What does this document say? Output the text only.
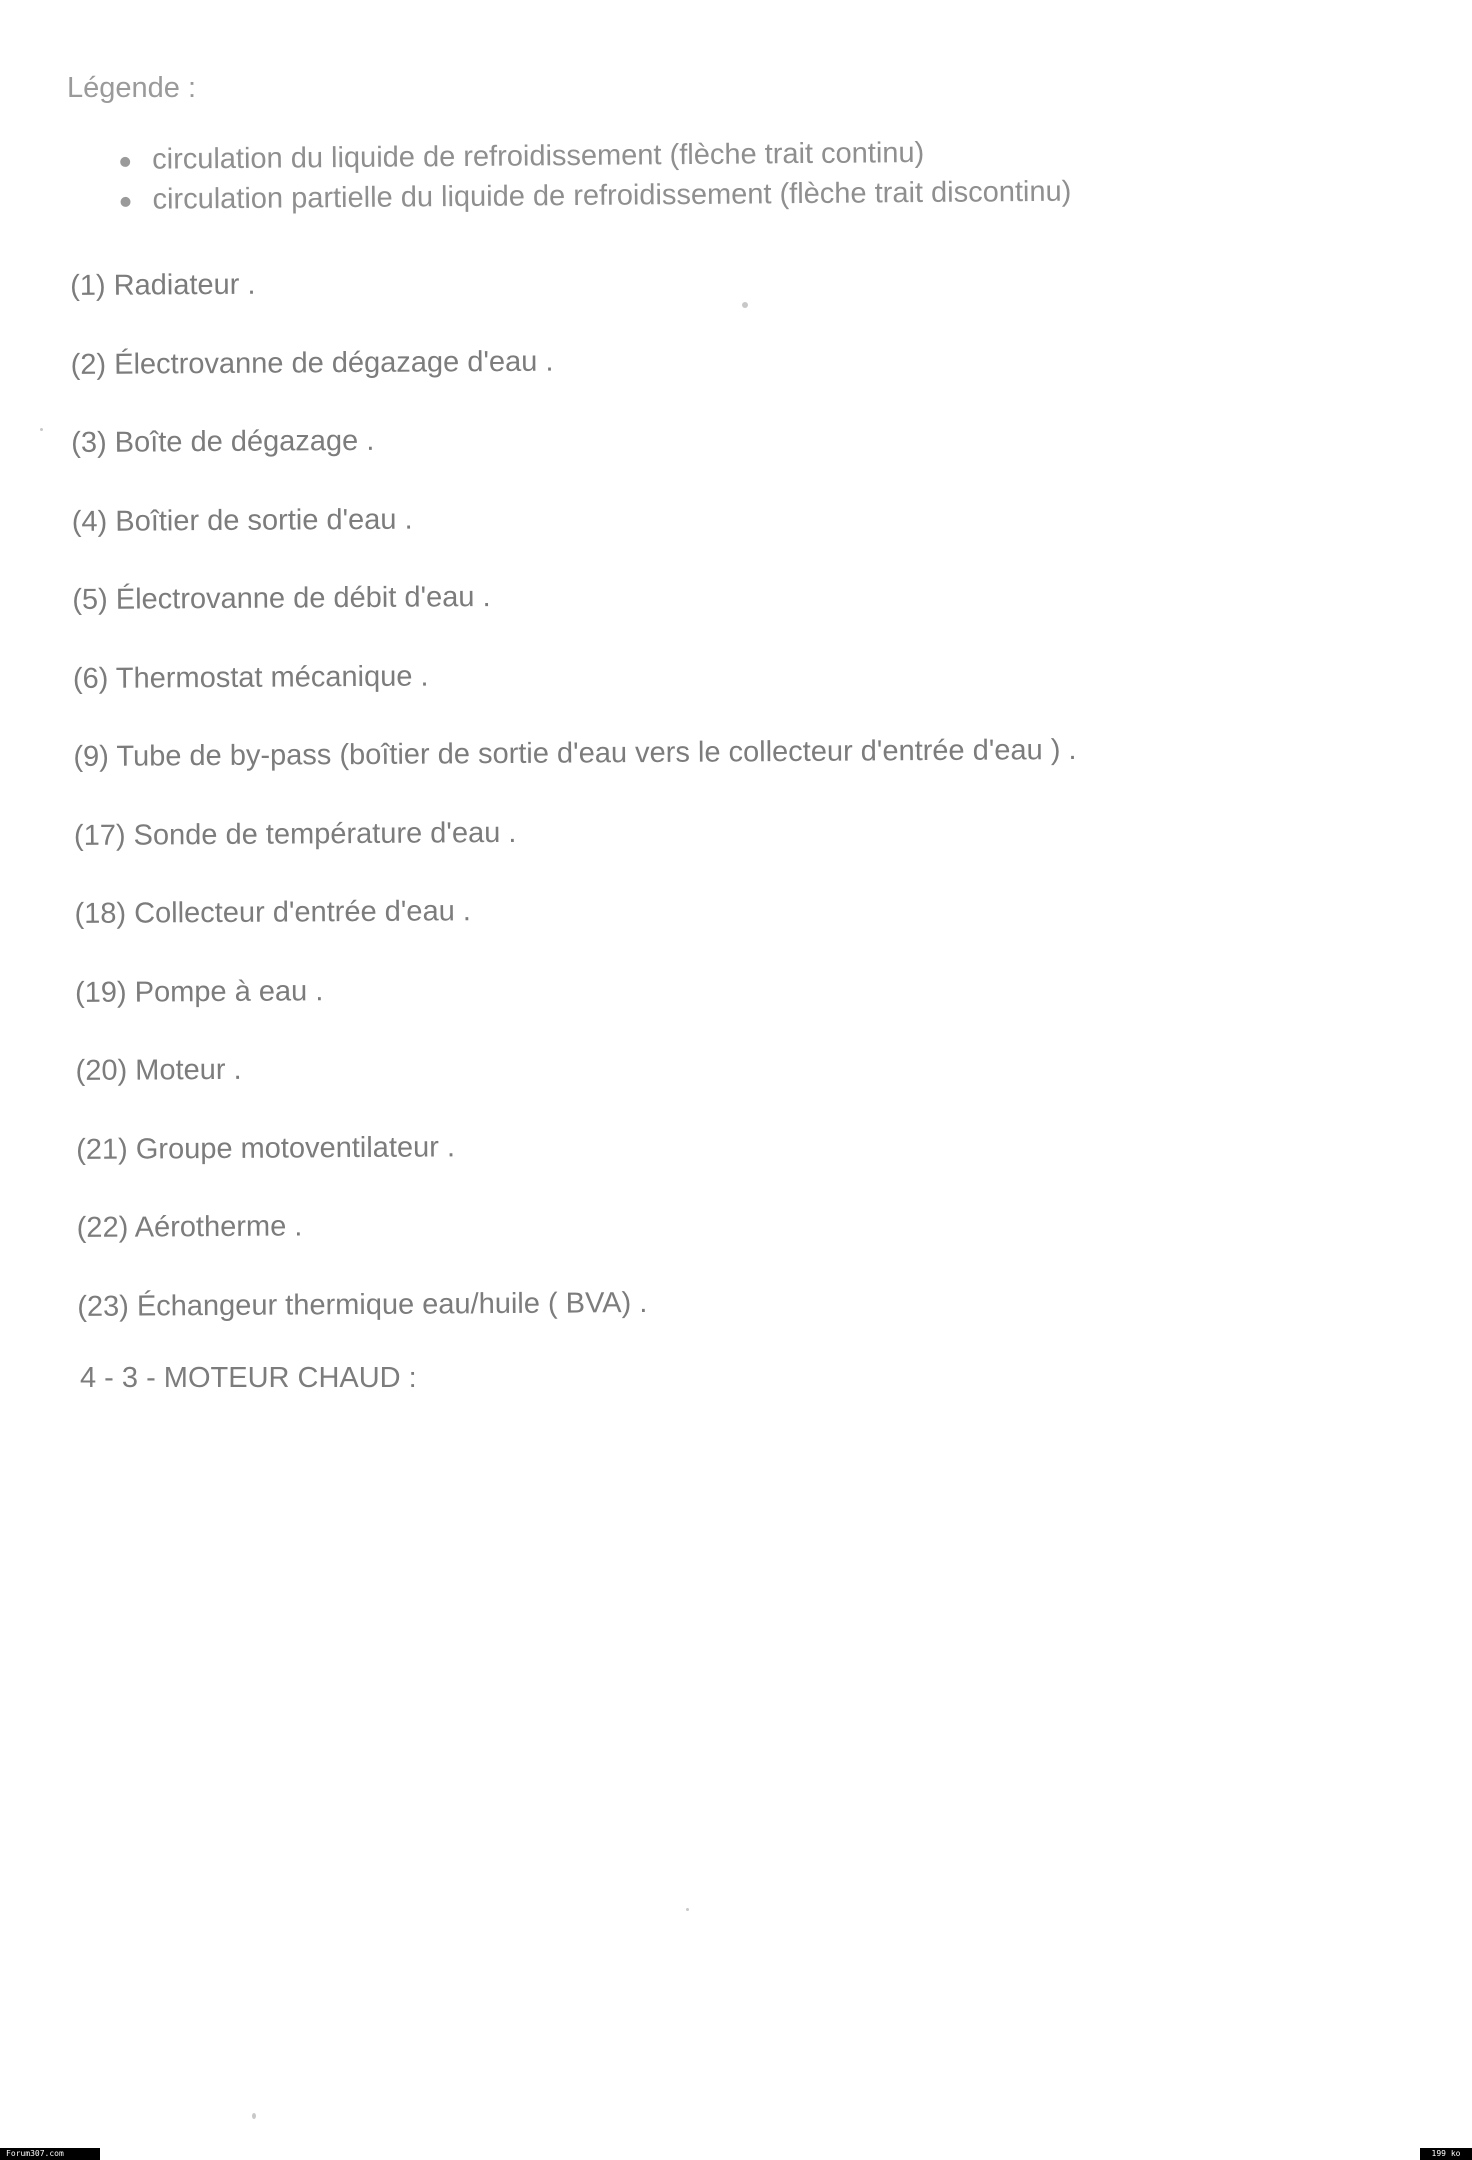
Légende :
circulation du liquide de refroidissement (flèche trait continu)
circulation partielle du liquide de refroidissement (flèche trait discontinu)
(1) Radiateur .
(2) Électrovanne de dégazage d'eau .
(3) Boîte de dégazage .
(4) Boîtier de sortie d'eau .
(5) Électrovanne de débit d'eau .
(6) Thermostat mécanique .
(9) Tube de by-pass (boîtier de sortie d'eau vers le collecteur d'entrée d'eau ) .
(17) Sonde de température d'eau .
(18) Collecteur d'entrée d'eau .
(19) Pompe à eau .
(20) Moteur .
(21) Groupe motoventilateur .
(22) Aérotherme .
(23) Échangeur thermique eau/huile ( BVA) .
4 - 3 - MOTEUR CHAUD :
Forum307.com	199 ko
